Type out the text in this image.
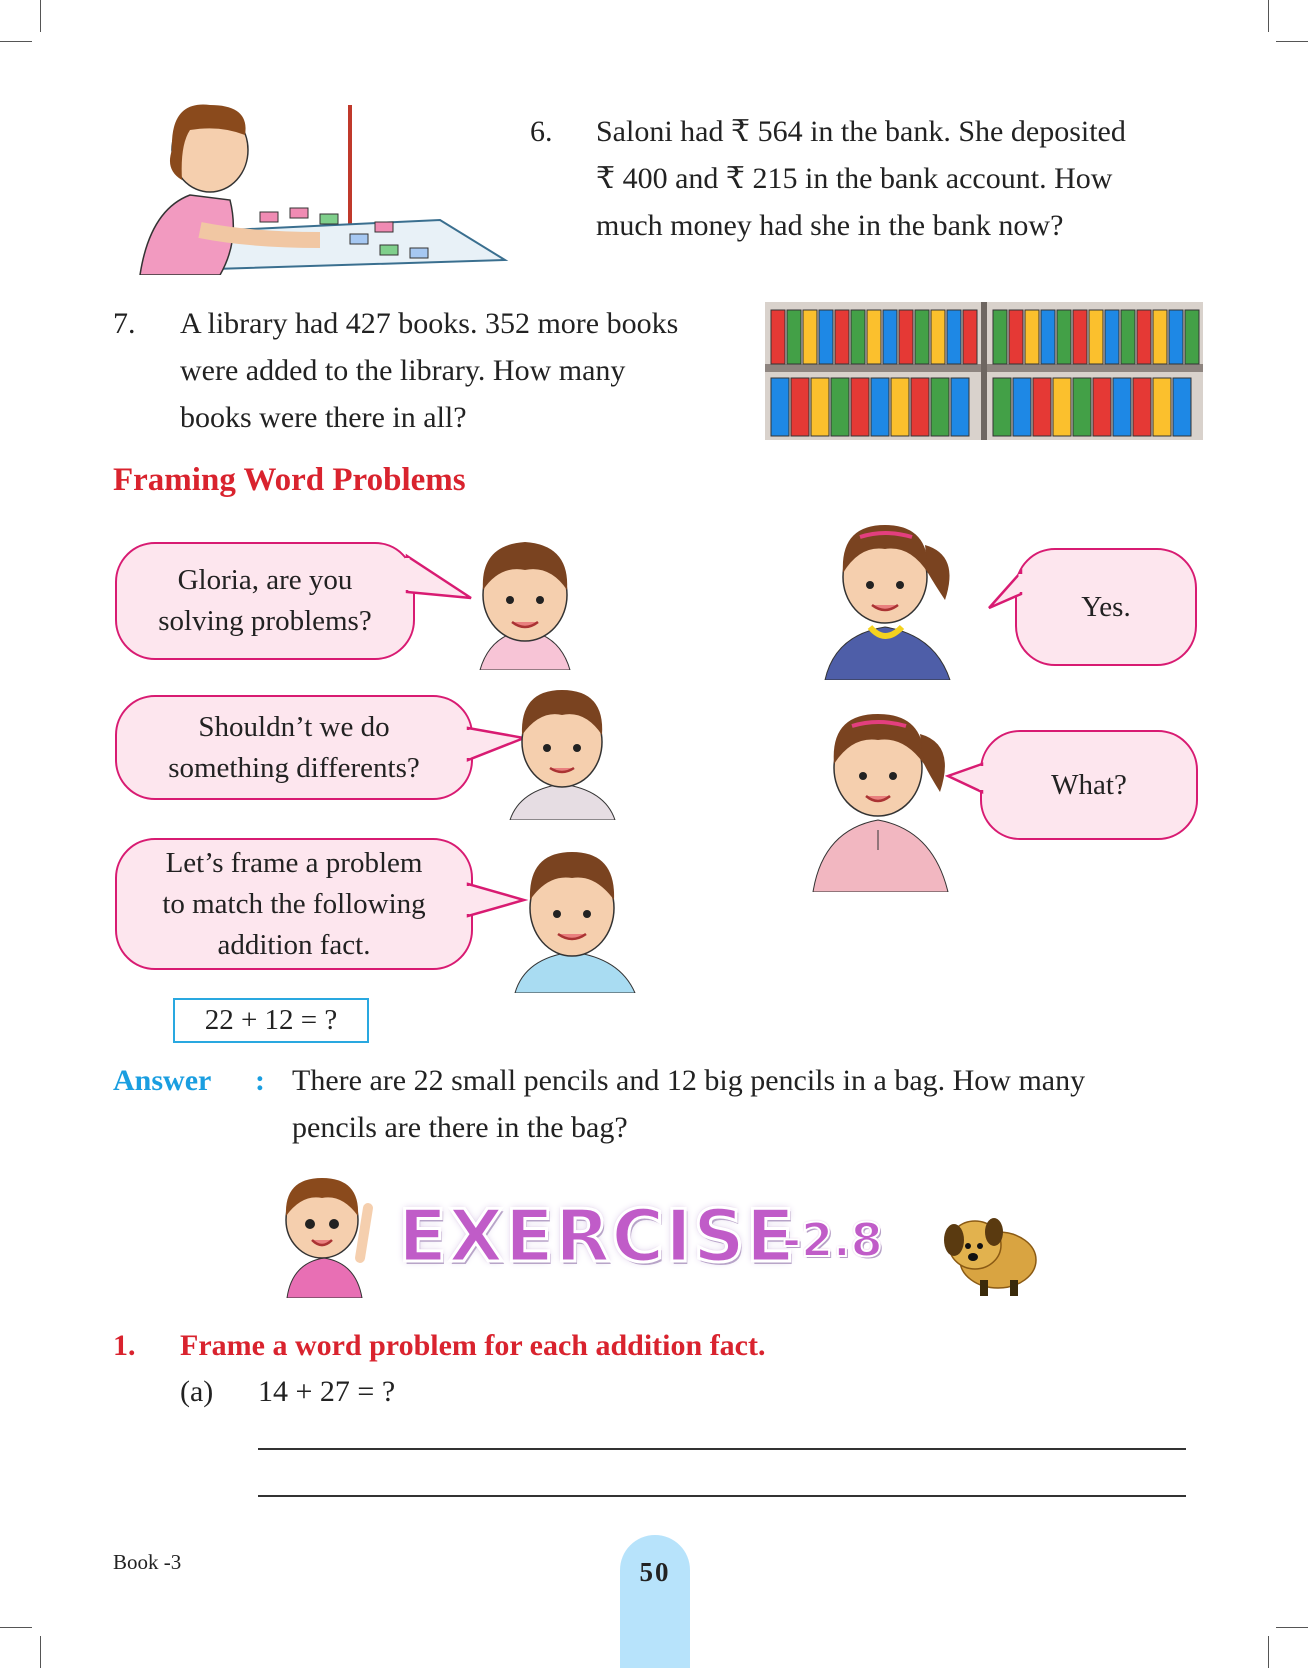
6. Saloni had ₹ 564 in the bank. She deposited
₹ 400 and ₹ 215 in the bank account. How
much money had she in the bank now?
7. A library had 427 books. 352 more books
were added to the library. How many
books were there in all?
Framing Word Problems
Gloria, are you
solving problems?
Shouldn’t we do
something differents?
Let’s frame a problem
to match the following
addition fact.
Yes.
What?
22 + 12 = ?
Answer : There are 22 small pencils and 12 big pencils in a bag. How many
pencils are there in the bag?
EXERCISE
-2.8
1. Frame a word problem for each addition fact.
(a) 14 + 27 = ?
Book -3	50
